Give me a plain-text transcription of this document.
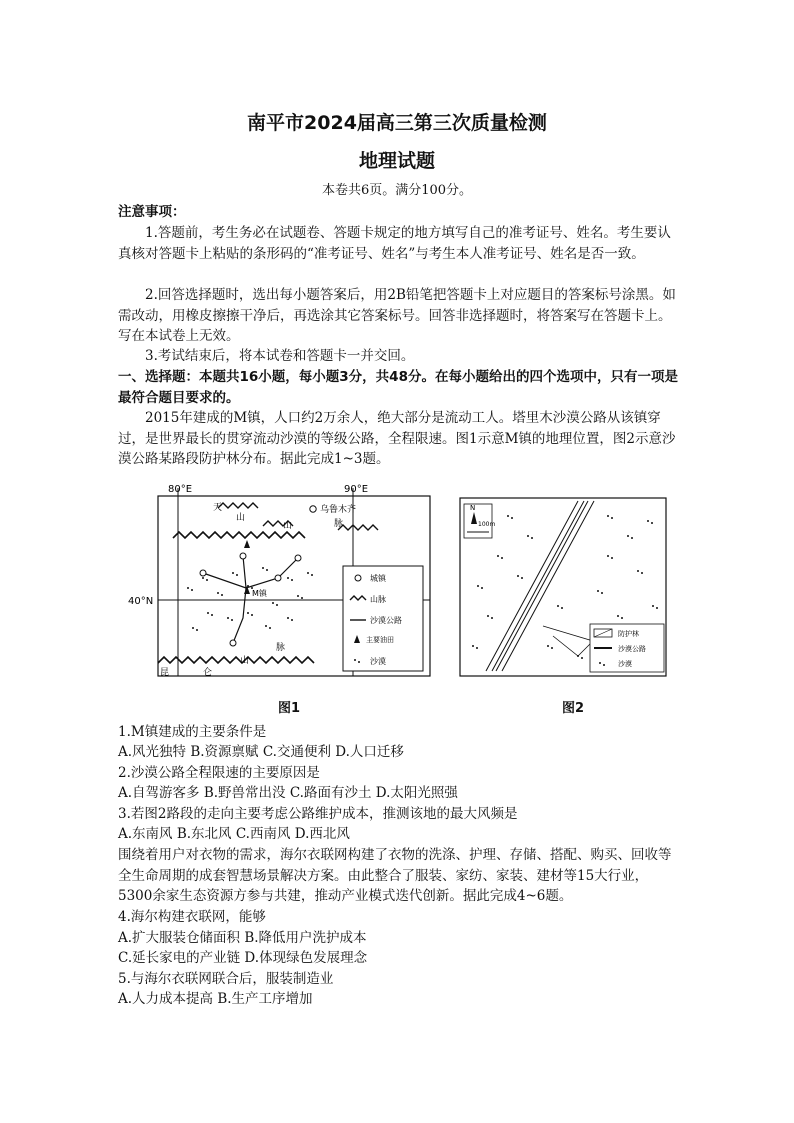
南平市2024届高三第三次质量检测
地理试题
本卷共6页。满分100分。
注意事项：
1.答题前，考生务必在试题卷、答题卡规定的地方填写自己的准考证号、姓名。考生要认真核对答题卡上粘贴的条形码的“准考证号、姓名”与考生本人准考证号、姓名是否一致。
2.回答选择题时，选出每小题答案后，用2B铅笔把答题卡上对应题目的答案标号涂黑。如需改动，用橡皮擦擦干净后，再选涂其它答案标号。回答非选择题时，将答案写在答题卡上。写在本试卷上无效。
3.考试结束后，将本试卷和答题卡一并交回。
一、选择题：本题共16小题，每小题3分，共48分。在每小题给出的四个选项中，只有一项是最符合题目要求的。
2015年建成的M镇，人口约2万余人，绝大部分是流动工人。塔里木沙漠公路从该镇穿过，是世界最长的贯穿流动沙漠的等级公路，全程限速。图1示意M镇的地理位置，图2示意沙漠公路某路段防护林分布。据此完成1~3题。
80°E	90°E
40°N
天
山
山	脉
乌鲁木齐
昆	仑
山
脉
M镇
城镇
山脉
沙漠公路
主要油田
沙漠
图1
N
100m
防护林
沙漠公路
沙漠
图2
1.M镇建成的主要条件是
A.风光独特 B.资源禀赋 C.交通便利 D.人口迁移
2.沙漠公路全程限速的主要原因是
A.自驾游客多 B.野兽常出没 C.路面有沙土 D.太阳光照强
3.若图2路段的走向主要考虑公路维护成本，推测该地的最大风频是
A.东南风 B.东北风 C.西南风 D.西北风
围绕着用户对衣物的需求，海尔衣联网构建了衣物的洗涤、护理、存储、搭配、购买、回收等全生命周期的成套智慧场景解决方案。由此整合了服装、家纺、家装、建材等15大行业，5300余家生态资源方参与共建，推动产业模式迭代创新。据此完成4~6题。
4.海尔构建衣联网，能够
A.扩大服装仓储面积 B.降低用户洗护成本
C.延长家电的产业链 D.体现绿色发展理念
5.与海尔衣联网联合后，服装制造业
A.人力成本提高 B.生产工序增加
